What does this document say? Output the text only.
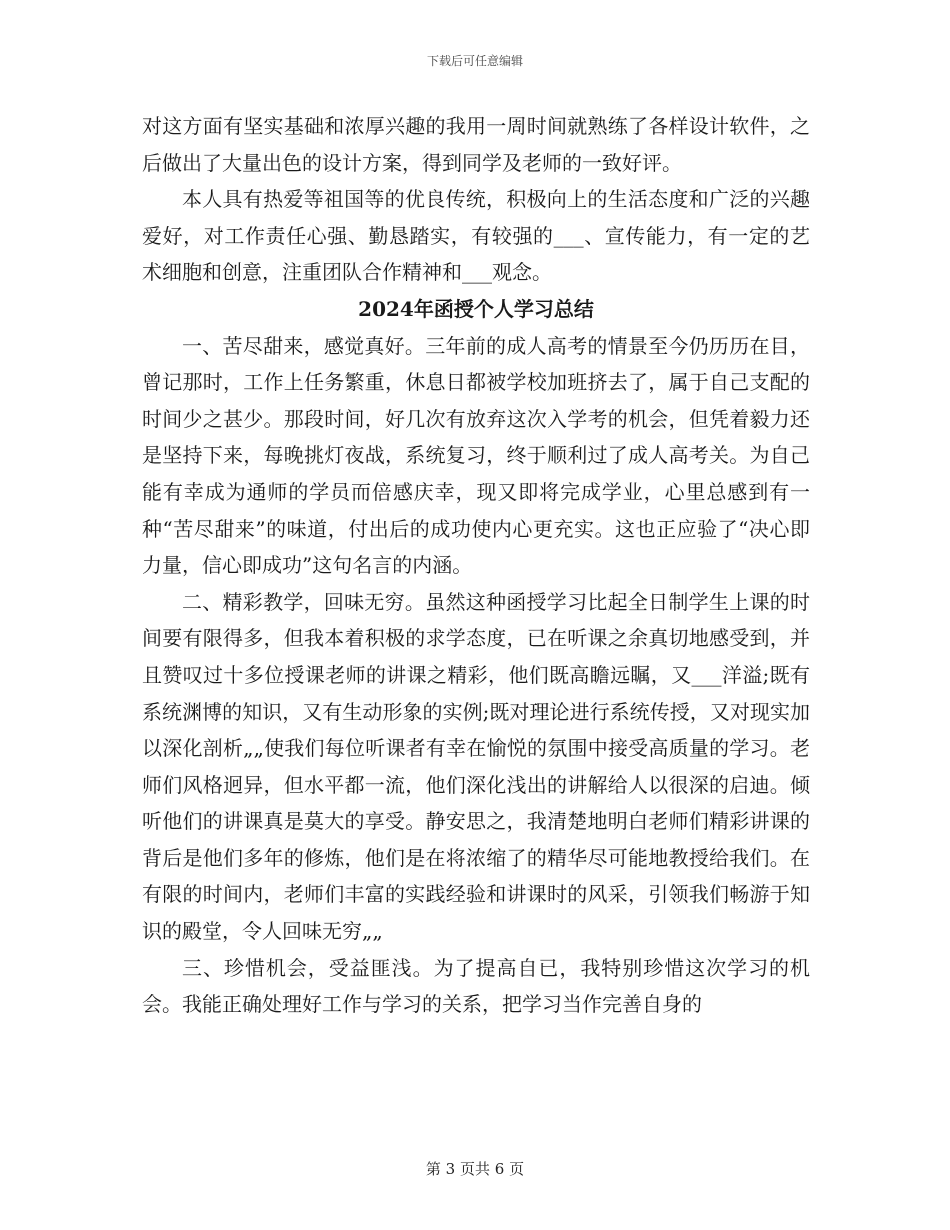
下载后可任意编辑

对这方面有坚实基础和浓厚兴趣的我用一周时间就熟练了各样设计软件，之后做出了大量出色的设计方案，得到同学及老师的一致好评。

本人具有热爱等祖国等的优良传统，积极向上的生活态度和广泛的兴趣爱好，对工作责任心强、勤恳踏实，有较强的___、宣传能力，有一定的艺术细胞和创意，注重团队合作精神和___观念。

2024年函授个人学习总结

一、苦尽甜来，感觉真好。三年前的成人高考的情景至今仍历历在目，曾记那时，工作上任务繁重，休息日都被学校加班挤去了，属于自己支配的时间少之甚少。那段时间，好几次有放弃这次入学考的机会，但凭着毅力还是坚持下来，每晚挑灯夜战，系统复习，终于顺利过了成人高考关。为自己能有幸成为通师的学员而倍感庆幸，现又即将完成学业，心里总感到有一种“苦尽甜来”的味道，付出后的成功使内心更充实。这也正应验了“决心即力量，信心即成功”这句名言的内涵。

二、精彩教学，回味无穷。虽然这种函授学习比起全日制学生上课的时间要有限得多，但我本着积极的求学态度，已在听课之余真切地感受到，并且赞叹过十多位授课老师的讲课之精彩，他们既高瞻远瞩，又___洋溢;既有系统渊博的知识，又有生动形象的实例;既对理论进行系统传授，又对现实加以深化剖析„„使我们每位听课者有幸在愉悦的氛围中接受高质量的学习。老师们风格迥异，但水平都一流，他们深化浅出的讲解给人以很深的启迪。倾听他们的讲课真是莫大的享受。静安思之，我清楚地明白老师们精彩讲课的背后是他们多年的修炼，他们是在将浓缩了的精华尽可能地教授给我们。在有限的时间内，老师们丰富的实践经验和讲课时的风采，引领我们畅游于知识的殿堂，令人回味无穷„„

三、珍惜机会，受益匪浅。为了提高自已，我特别珍惜这次学习的机会。我能正确处理好工作与学习的关系，把学习当作完善自身的

第 3 页共 6 页
